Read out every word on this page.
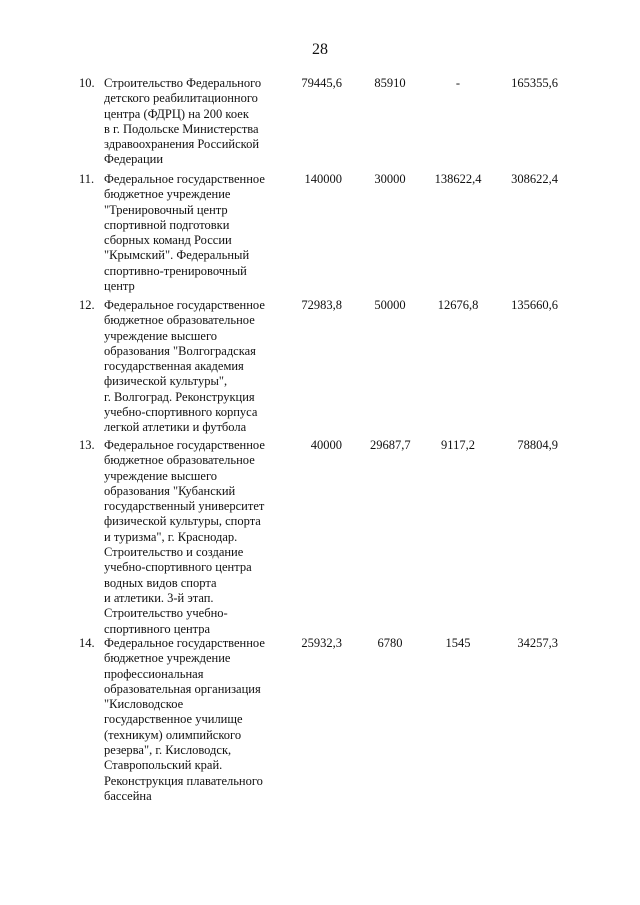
28
10. Строительство Федерального
детского реабилитационного
центра (ФДРЦ) на 200 коек
в г. Подольске Министерства
здравоохранения Российской
Федерации
79445,6	85910	-	165355,6
11. Федеральное государственное
бюджетное учреждение
"Тренировочный центр
спортивной подготовки
сборных команд России
"Крымский". Федеральный
спортивно-тренировочный
центр
140000	30000	138622,4	308622,4
12. Федеральное государственное
бюджетное образовательное
учреждение высшего
образования "Волгоградская
государственная академия
физической культуры",
г. Волгоград. Реконструкция
учебно-спортивного корпуса
легкой атлетики и футбола
72983,8	50000	12676,8	135660,6
13. Федеральное государственное
бюджетное образовательное
учреждение высшего
образования "Кубанский
государственный университет
физической культуры, спорта
и туризма", г. Краснодар.
Строительство и создание
учебно-спортивного центра
водных видов спорта
и атлетики. 3-й этап.
Строительство учебно-
спортивного центра
40000 29687,7	9117,2	78804,9
14. Федеральное государственное
бюджетное учреждение
профессиональная
образовательная организация
"Кисловодское
государственное училище
(техникум) олимпийского
резерва", г. Кисловодск,
Ставропольский край.
Реконструкция плавательного
бассейна
25932,3	6780	1545	34257,3
